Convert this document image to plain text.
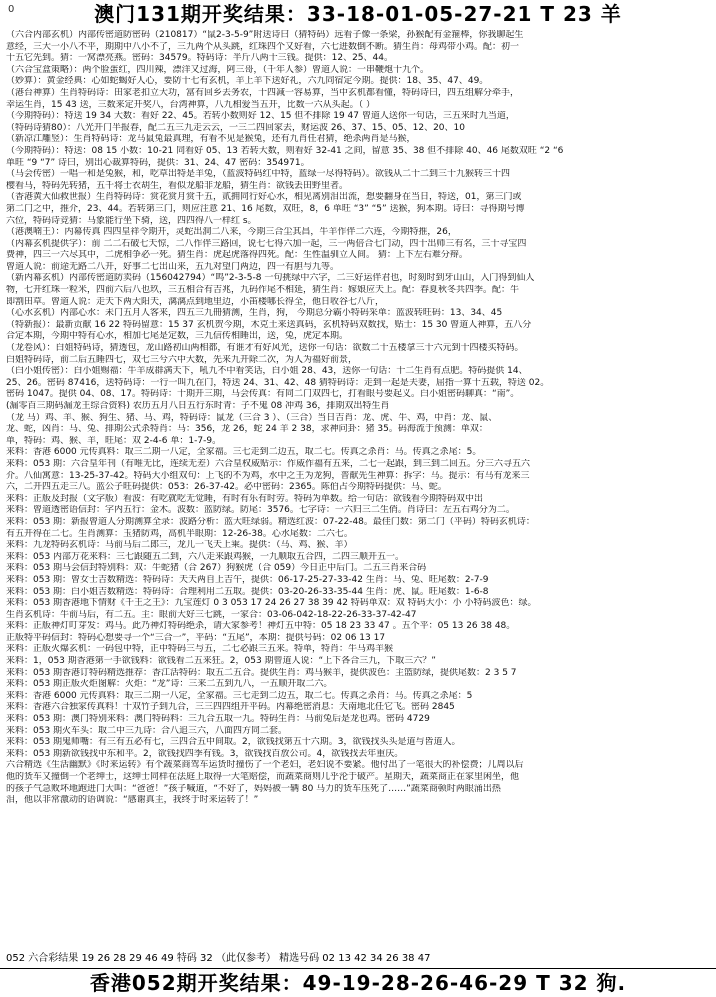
0	澳门131期开奖结果：33-18-01-05-27-21 T 23 羊
（六合内部玄机）内部传密道防密码（210817）“鼠2-3-5-9”附送诗曰（猜特码）远看子像一条梁，孙猴配有金箍棒，你我聊起生
意经，三大一小八不平，期期中八小不了，三九两个从头跳，红珠四个又好看，六七进数倒不断。猜生肖：母鸡带小鸡。配：初一
十五它先到。猜：一窝漂亮燕。密码：34579。特码诗：半斤八两十三钱。提供：12、25、44。
（六合宝盒策略）：两个脸蛋红，四川辣，漂洋又过海，阿三哥，（千年人参）曾道人说：一串鞭炮十九个。
（妙算）：黄金经典：心如蛇蝎好人心，要防十七有玄机，羊上羊下送好礼，六九同宿定今期。提供：18、35、47、49。
（港台神算）生肖特码诗：田家老扣立大功，富有回乡去务农，十四减一容易算，当中玄机都看懂，特码诗曰，四五组解分牵手，
幸运生肖，15 43 送，三数来定开奖八，台湾神算，八九相爱当五开，比数一六从头起。（ ）
（今期特码）：特送 19 34 大数：看好 22、45。若转小数则好 12、15 但不排除 19 47 曾道人送你一句话，三五来时九当道，
（特码诗猜80）：八光开门半报春，配二五三九走云云，一三二四回家去，财运波 26、37、15、05、12、20、10
（新凉江雕竖）：生肖特码诗：龙马鼠兔最真理，有看不见是猴兔，还有九肖任君猜，绝杀两肖是马猴，
（今期特码）：特送：08 15 小数：10-21 同看好 05、13 若转大数，则看好 32-41 之间，留意 35、38 但不排除 40、46 尾数双旺 “2 “6
单旺 “9 “7” 诗曰，别出心裁算特码，提供：31、24、47 密码：354971。
（马会传密）一唱一和是兔猴，和，吃草出特是羊兔，（蓝波特码红中特，蓝绿一尽得特码）。欲钱从二十二到三十九猴转三十四
樱看马，特码先转猪，五千将士衣胡生，看似龙船非龙船，猜生肖：欲钱丢田野里者。
（香港黄大仙救世报）生肖特码诗：赏花赏月赏千五，贰拥同行好心水，相见离别泪出流，想要翻身在当日，特送，01，第三门或
第二门之中，推介，23、44。若转第三门，则应注意 21、16 尾数，双旺，8，6 单旺 “3” “5” 送猴，狗本期。诗曰：寻得期号博
六位，特码诗竞猜：马象能行坐下骑，送，四四得八一样红 s。
（港澳喃王）：内幕传真 四四皇祥令期开，灵蛇出洞二八来，今期三合尘其昌，牛羊作伴二六连，今期特推，26，
（内幕玄机提供字）：前 二二石破七天惊，二八作伴三路回，说七七得六加一起，三一两倍合七门动，四十出师三有名，三十寻宝四
费神，四三一六尽其中，二虎相争必一死。猜生肖：虎起虎落得四死。配：生性温驯立人间。 猜：上下左右难分辩。
曾道人说：前途无路二八开，好事二七出山来，五九对望门两边，四一有胆与九等。
（新内幕玄机）内部传密道防卖码（156042794）“鸣”2-3-5-8 一句挑绿中六字，二三好运伴君也，时刻时到牙山山，入门得到仙人
物，七开红珠一粒米，四前六后八也玖，三五相合有吉兆，九码作尾不相延，猜生肖：嫁娘应天上。配：春夏秋冬共四季。配：牛
即割田草。曾道人说：走天下两大阳天，漓漓点到地里边，小笛楼哪长得全，他日收谷七八斤，
（心水玄机）内部心水：未门五月人客来，四五三九冊猜测，生肖，狗， 今期总分霸小特码采单：蓝波转旺码：13、34、45
（特新报）：最新贡献 16 22 特码留意：15 37 玄机贺今期，木克土来送真码，玄机特码双数找，贴士：15 30 曾道人神算，五八分
合定本期，今期中特有心水，相加七尾是定数，三九信传相睡出，送，兔，虎定本期。
（龙卷风）：白姐特码诗，猜透包，龙山路初山两相都，有谁才有好风光，送你一句话：欲数二十五楼拿三十六元到十四楼买特码。
白姐特码诗，前二后五睡四七，双七三兮六中大数，先来九开除二次，为人为福好前景，
（白小姐传密）：白小姐赐福：牛羊成群满天下，吼九不中看笑话，白小姐 28、43，送你一句话：十二生肖有点肥。特码提供 14、
25、26。密码 87416，送特码诗：一行一叫九在门，特送 24、31、42、48 猜特码诗：走到一起是夫妻，屈指一算十五载，特送 02。
密码 1047。提供 04、08、17。特码诗：十期开三期，马会传真：有同二门双四七，打看眼号要起义。白小姐密码聊真：“南”。
(漏零百三期码漏龙王综合资料) 农历五月八日五行东时青：子不鬼 08 冲鸡 36，排期双出特生肖
（龙 马）鸡、羊、猴、狗生、猪、马、鸡，特码诗：鼠龙（三合 3 ）、（三合）当日吉肖：龙、虎、牛、鸡，中肖：龙、鼠、
龙、蛇，凶肖：马、兔、排期公式杀特肖：马：356，龙 26，蛇 24 羊 2 38，求神问卦：猪 35。码海流于预测：单双：
单，特码：鸡、猴、羊，旺尾：双 2-4-6 单：1-7-9。
来料：香港 6000 元传真料：取三二期一八定，全家福。三七走到二边五，取二七。传真之杀肖：马。传真之杀尾：5。
来料：053 期：六合皇年刊（有唯无比，连续无差）六合皇权威贴示：作威作福有五来，二七一起跟，到三到二回五。分三六寻五六
介。八仙寓意：13-25-37-42。特码大小组双句：上飞的不为鸡，水中之王为龙狗，普献先生神算：拆字：马。提示：有马有龙来三
六，二开四五走三八。蓝公子旺码提供：053：26-37-42。必中密码：2365。陈伯占今期特码提供：马、蛇。
来料：正版及封报（文字版）看波：有吃就吃无觉睡，有时有乐有时劳。特码为单数。给一句话：欲钱看今期特码双中出
来料：曾道透密语信封：字内五行：金木。波数：蓝防绿。防尾：3576。七字诗：一六归三二生俏。肖诗曰：左五右鸡分为二。
来料：053 期：新报曾道人分期测算全录：波路分析：蓝大旺绿弱。精选红波：07-22-48。最佳门数：第二门（平码）特码玄机诗：
有五开得在二七。生肖测算：玉猪防鸡，高机半眼期：12-26-38。心水尾数：二六七。
来料：九龙特码玄机诗：马前马后二郎三，龙儿一飞天上乘。提供：（马、鸡、猴、羊）
来料：053 内部万花来料：三七跟随五二到，六八走来跟鸡猴，一九顺取五合四，二四三顺开五一。
来料：053 期马会信封特别料：双：牛蛇猪（合 267）狗猴虎（合 059）今日正中后门。二五三肖来合码
来料：053 期：曾女士吉数精选：特码诗：天天两自上吉午，提供：06-17-25-27-33-42 生肖：马、兔、旺尾数：2-7-9
来料：053 期：白小姐吉数精选：特码诗：合理利用二五取。提供：03-20-26-33-35-44 生肖：虎、鼠。旺尾数：1-6-8
来料：053 期香港地下情财《千王之王》：九宝莲灯 0 3 053 17 24 26 27 38 39 42 特码单双：双 特码大小：小 小特码波色：绿。
生肖玄机诗：牛前马后，有二五。主：眼前大好三七跳，一家合：03-06-042-18-22-26-33-37-42-47
来料：正版神灯叮芽发：鸡马。此乃神灯特码绝杀，请大家参考！神灯五中特：05 18 23 33 47 。五个平：05 13 26 38 48。
正版特平码信封：特码心想要寻一个“三合一”，平码：“五尾”，本期：提供号码：02 06 13 17
来料：正版火爆玄机：一码包中特，正中特码三与五，二七必跟三五来。特单，特肖：牛马鸡羊猴
来料：1，053 期香港第一手欲钱料：欲钱看二五来狂。2，053 期曾道人说：“上下各合三九，下取三六？”
来料：053 期香港订特码精选推荐：香江活特码：取五二五合。提供生肖：鸡马猴羊，提供波色：主篮防绿，提供尾数：2 3 5 7
来料：053 期正版火炬图解：火炬：“龙”诗：三来二五到九八，一五顺开取二六。
来料：香港 6000 元传真料：取三二期一八定，全家福。三七走到二边五，取二七。传真之杀肖：马。传真之杀尾：5
来料：香港六合独家传真料！十双竹子到九合，三三四四组开平码。内幕绝密消息：天南地北任它飞。密码 2845
来料：053 期：澳门特别来料：澳门特码料：三九合五取一九。特码生肖：马前兔后是龙也鸡。密码 4729
来料：053 期火车头：取二中三九诗：合八追三六，八面四方同二套。
来料：053 期鬼师嘴：有三有五必有七，三四合五中间取。2，欲钱找第五十六期。3，欲钱找头头是道与皆道人。
来料：053 期新欲钱找中东和平。2，欲钱找四季有钱。3，欲钱找百放公司。4，欲钱找去年重庆。
六合精选《生活幽默》《时来运转》有个蔬菜商驾车运货时撞伤了一个老妇，老妇说不要紧。他付出了一笔很大的补偿费；几周以后
他的货车又撞倒一个老绅士，这绅士同样在法庭上取得一大笔赔偿，而蔬菜商则几乎沦于破产。星期天，蔬菜商正在家里闲坐，他
的孩子气急败坏地跑进门大叫：“爸爸！”孩子喊道，“不好了，妈妈被一辆 80 马力的货车压死了……”蔬菜商顿时两眼涌出热
泪，他以非常激动的语调说：“感谢真主，我终于时来运转了！”
052 六合彩结果 19 26 28 29 46 49 特码 32 （此仅参考） 精选号码 02 13 42 34 26 38 47
香港052期开奖结果：49-19-28-26-46-29 T 32 狗.
